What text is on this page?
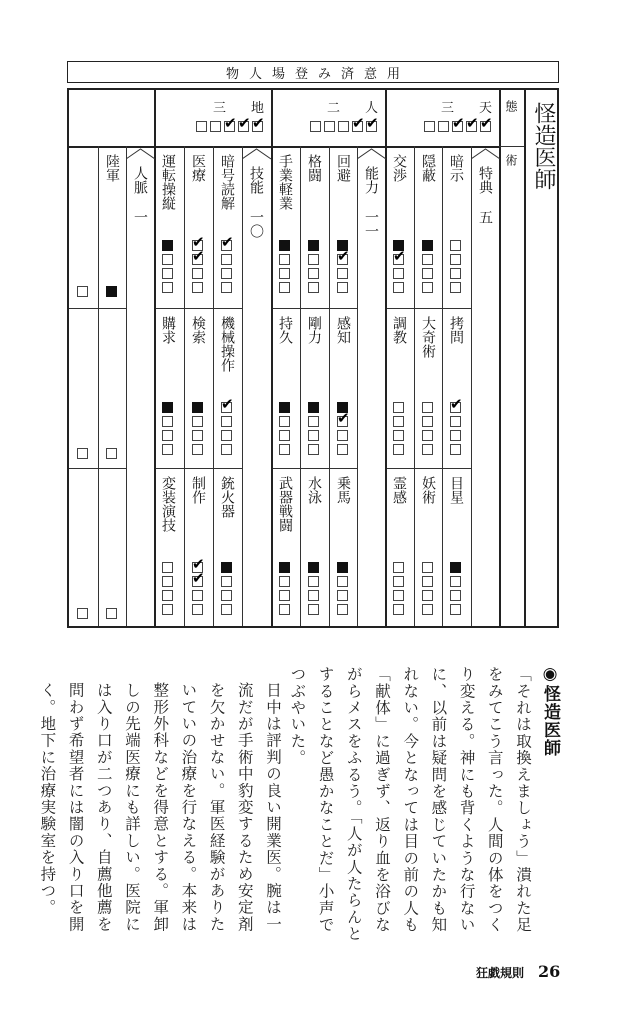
物人場登み済意用
怪造医師
態
術
天
三
✔
✔
✔
特典
五
暗示
隠蔽
交渉
✔
拷問
✔
大奇術
調教
目星
妖術
霊感
人
二
✔
✔
能力
一一
回避
✔
格闘
手業軽業
感知
✔
剛力
持久
乗馬
水泳
武器戦闘
地
三
✔
✔
✔
技能
一〇
暗号読解
✔
医療
✔
✔
運転操縦
機械操作
✔
検索
購求
銃火器
制作
✔
✔
変装演技
人脈
一
陸軍
◉怪造医師
「それは取換えましょう」潰れた足をみてこう言った。人間の体をつくり変える。神にも背くような行ないに、以前は疑問を感じていたかも知れない。今となっては目の前の人も「献体」に過ぎず、返り血を浴びながらメスをふるう。「人が人たらんとすることなど愚かなことだ」小声でつぶやいた。
日中は評判の良い開業医。腕は一流だが手術中豹変するため安定剤を欠かせない。軍医経験がありたいていの治療を行なえる。本来は整形外科などを得意とする。軍卸しの先端医療にも詳しい。医院には入り口が二つあり、自薦他薦を問わず希望者には闇の入り口を開く。地下に治療実験室を持つ。
狂戯規則 26
